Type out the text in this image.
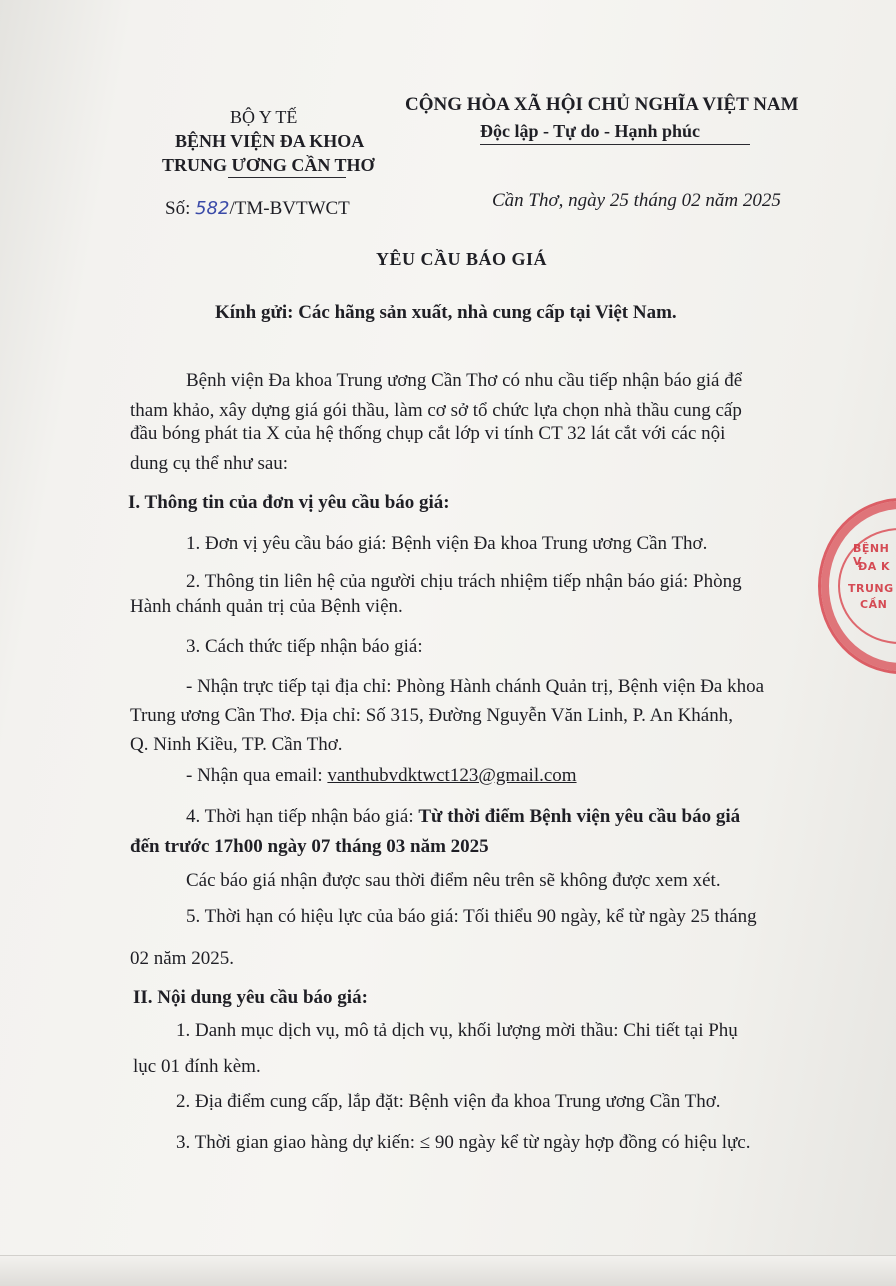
BỘ Y TẾ
BỆNH VIỆN ĐA KHOA
TRUNG ƯƠNG CẦN THƠ
CỘNG HÒA XÃ HỘI CHỦ NGHĨA VIỆT NAM
Độc lập - Tự do - Hạnh phúc
Số: 582/TM-BVTWCT	Cần Thơ, ngày 25 tháng 02 năm 2025
YÊU CẦU BÁO GIÁ
Kính gửi: Các hãng sản xuất, nhà cung cấp tại Việt Nam.
Bệnh viện Đa khoa Trung ương Cần Thơ có nhu cầu tiếp nhận báo giá để
tham khảo, xây dựng giá gói thầu, làm cơ sở tổ chức lựa chọn nhà thầu cung cấp
đầu bóng phát tia X của hệ thống chụp cắt lớp vi tính CT 32 lát cắt với các nội
dung cụ thể như sau:
I. Thông tin của đơn vị yêu cầu báo giá:
1. Đơn vị yêu cầu báo giá: Bệnh viện Đa khoa Trung ương Cần Thơ.
2. Thông tin liên hệ của người chịu trách nhiệm tiếp nhận báo giá: Phòng
Hành chánh quản trị của Bệnh viện.
3. Cách thức tiếp nhận báo giá:
- Nhận trực tiếp tại địa chỉ: Phòng Hành chánh Quản trị, Bệnh viện Đa khoa
Trung ương Cần Thơ. Địa chỉ: Số 315, Đường Nguyễn Văn Linh, P. An Khánh,
Q. Ninh Kiều, TP. Cần Thơ.
- Nhận qua email: vanthubvdktwct123@gmail.com
4. Thời hạn tiếp nhận báo giá: Từ thời điểm Bệnh viện yêu cầu báo giá
đến trước 17h00 ngày 07 tháng 03 năm 2025
Các báo giá nhận được sau thời điểm nêu trên sẽ không được xem xét.
5. Thời hạn có hiệu lực của báo giá: Tối thiểu 90 ngày, kể từ ngày 25 tháng
02 năm 2025.
II. Nội dung yêu cầu báo giá:
1. Danh mục dịch vụ, mô tả dịch vụ, khối lượng mời thầu: Chi tiết tại Phụ
lục 01 đính kèm.
2. Địa điểm cung cấp, lắp đặt: Bệnh viện đa khoa Trung ương Cần Thơ.
3. Thời gian giao hàng dự kiến: ≤ 90 ngày kể từ ngày hợp đồng có hiệu lực.
BỆNH V
ĐA K
TRUNG
CẦN
